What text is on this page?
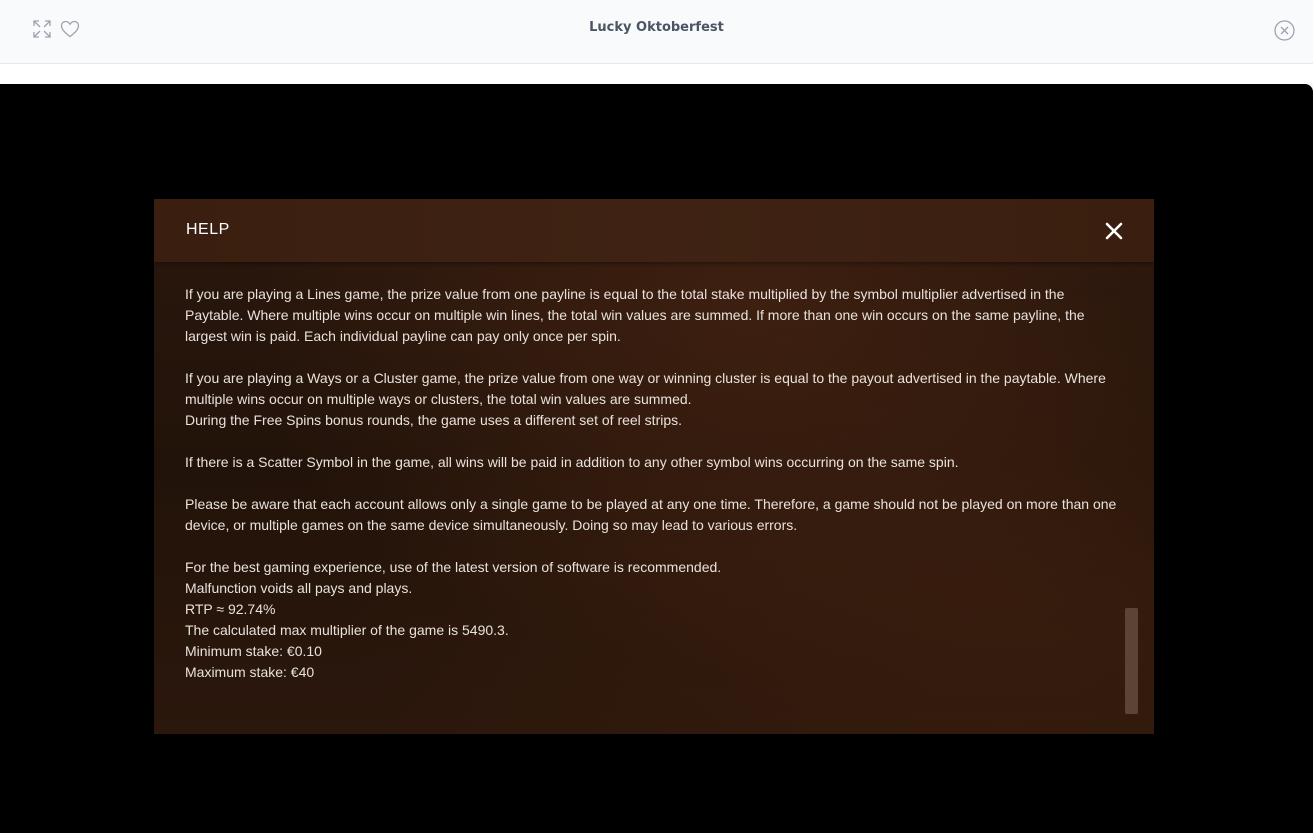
Lucky Oktoberfest
HELP

If you are playing a Lines game, the prize value from one payline is equal to the total stake multiplied by the symbol multiplier advertised in the Paytable. Where multiple wins occur on multiple win lines, the total win values are summed. If more than one win occurs on the same payline, the largest win is paid. Each individual payline can pay only once per spin.

If you are playing a Ways or a Cluster game, the prize value from one way or winning cluster is equal to the payout advertised in the paytable. Where multiple wins occur on multiple ways or clusters, the total win values are summed.
During the Free Spins bonus rounds, the game uses a different set of reel strips.

If there is a Scatter Symbol in the game, all wins will be paid in addition to any other symbol wins occurring on the same spin.

Please be aware that each account allows only a single game to be played at any one time. Therefore, a game should not be played on more than one device, or multiple games on the same device simultaneously. Doing so may lead to various errors.

For the best gaming experience, use of the latest version of software is recommended.
Malfunction voids all pays and plays.
RTP ≈ 92.74%
The calculated max multiplier of the game is 5490.3.
Minimum stake: €0.10
Maximum stake: €40
